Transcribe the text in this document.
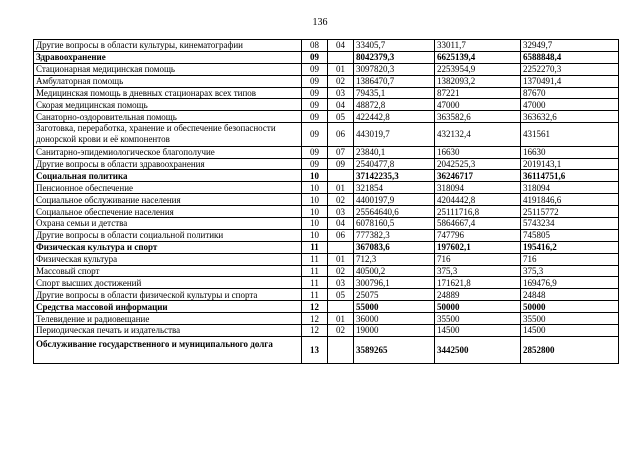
136
Другие вопросы в области культуры, кинематографии	08	04	33405,7	33011,7	32949,7
Здравоохранение	09		8042379,3	6625139,4	6588848,4
Стационарная медицинская помощь	09	01	3097820,3	2253954,9	2252270,3
Амбулаторная помощь	09	02	1386470,7	1382093,2	1370491,4
Медицинская помощь в дневных стационарах всех типов	09	03	79435,1	87221	87670
Скорая медицинская помощь	09	04	48872,8	47000	47000
Санаторно-оздоровительная помощь	09	05	422442,8	363582,6	363632,6
Заготовка, переработка, хранение и обеспечение безопасности донорской крови и её компонентов	09	06	443019,7	432132,4	431561
Санитарно-эпидемиологическое благополучие	09	07	23840,1	16630	16630
Другие вопросы в области здравоохранения	09	09	2540477,8	2042525,3	2019143,1
Социальная политика	10		37142235,3	36246717	36114751,6
Пенсионное обеспечение	10	01	321854	318094	318094
Социальное обслуживание населения	10	02	4400197,9	4204442,8	4191846,6
Социальное обеспечение населения	10	03	25564640,6	25111716,8	25115772
Охрана семьи и детства	10	04	6078160,5	5864667,4	5743234
Другие вопросы в области социальной политики	10	06	777382,3	747796	745805
Физическая культура и спорт	11		367083,6	197602,1	195416,2
Физическая культура	11	01	712,3	716	716
Массовый спорт	11	02	40500,2	375,3	375,3
Спорт высших достижений	11	03	300796,1	171621,8	169476,9
Другие вопросы в области физической культуры и спорта	11	05	25075	24889	24848
Средства массовой информации	12		55000	50000	50000
Телевидение и радиовещание	12	01	36000	35500	35500
Периодическая печать и издательства	12	02	19000	14500	14500
Обслуживание государственного и муниципального долга	13		3589265	3442500	2852800
